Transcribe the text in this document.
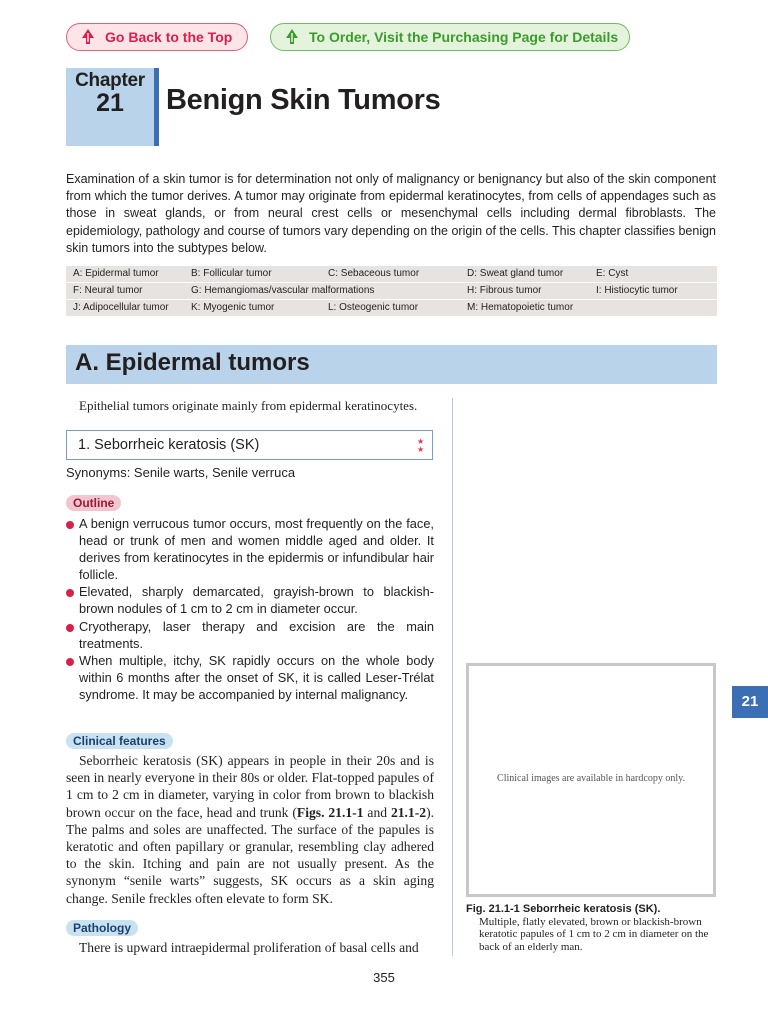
Go Back to the Top	To Order, Visit the Purchasing Page for Details
Chapter
21	Benign Skin Tumors
Examination of a skin tumor is for determination not only of malignancy or benignancy but also of the skin component from which the tumor derives. A tumor may originate from epidermal keratinocytes, from cells of appendages such as those in sweat glands, or from neural crest cells or mesenchymal cells including dermal fibroblasts. The epidemiology, pathology and course of tumors vary depending on the origin of the cells. This chapter classifies benign skin tumors into the subtypes below.
A: Epidermal tumor	B: Follicular tumor	C: Sebaceous tumor	D: Sweat gland tumor	E: Cyst
F: Neural tumor	G: Hemangiomas/vascular malformations	H: Fibrous tumor	I: Histiocytic tumor
J: Adipocellular tumor K: Myogenic tumor	L: Osteogenic tumor	M: Hematopoietic tumor
A. Epidermal tumors
Epithelial tumors originate mainly from epidermal keratinocytes.
1. Seborrheic keratosis (SK)	★
★
Synonyms: Senile warts, Senile verruca
Outline
A benign verrucous tumor occurs, most frequently on the face, head or trunk of men and women middle aged and older. It derives from keratinocytes in the epidermis or infundibular hair follicle.
Elevated, sharply demarcated, grayish-brown to blackish-brown nodules of 1 cm to 2 cm in diameter occur.
Cryotherapy, laser therapy and excision are the main treatments.
When multiple, itchy, SK rapidly occurs on the whole body within 6 months after the onset of SK, it is called Leser-Trélat syndrome. It may be accompanied by internal malignancy.
Clinical features
Seborrheic keratosis (SK) appears in people in their 20s and is seen in nearly everyone in their 80s or older. Flat-topped papules of 1 cm to 2 cm in diameter, varying in color from brown to blackish brown occur on the face, head and trunk (Figs. 21.1-1 and 21.1-2). The palms and soles are unaffected. The surface of the papules is keratotic and often papillary or granular, resembling clay adhered to the skin. Itching and pain are not usually present. As the synonym “senile warts” suggests, SK occurs as a skin aging change. Senile freckles often elevate to form SK.
Pathology
There is upward intraepidermal proliferation of basal cells and
Clinical images are available in hardcopy only.
Fig. 21.1-1 Seborrheic keratosis (SK).
Multiple, flatly elevated, brown or blackish-brown keratotic papules of 1 cm to 2 cm in diameter on the back of an elderly man.
21
355
